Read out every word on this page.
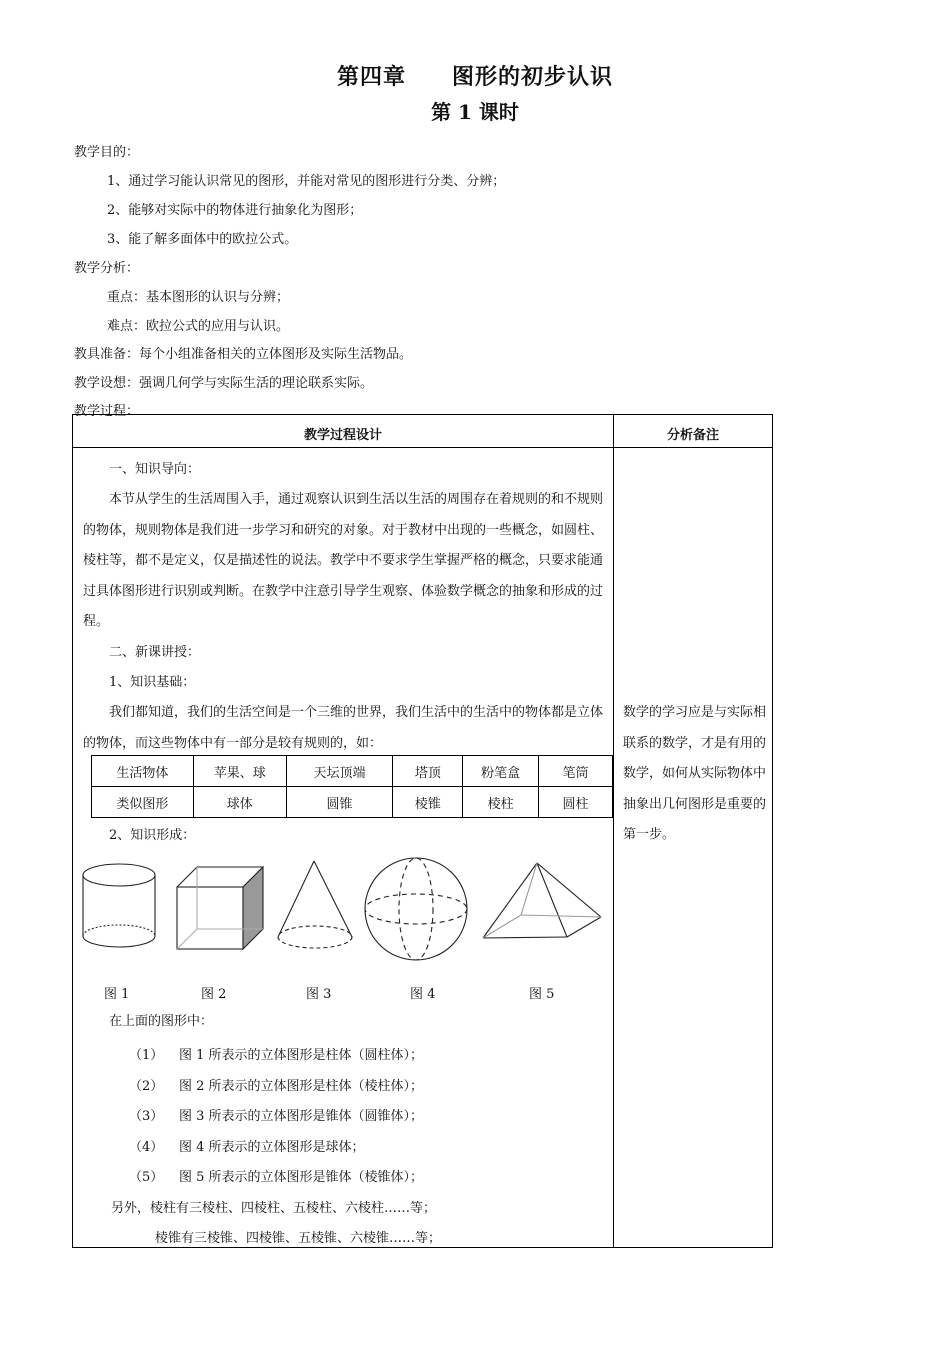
第四章 图形的初步认识
第 1 课时
教学目的：
1、通过学习能认识常见的图形，并能对常见的图形进行分类、分辨；
2、能够对实际中的物体进行抽象化为图形；
3、能了解多面体中的欧拉公式。
教学分析：
重点：基本图形的认识与分辨；
难点：欧拉公式的应用与认识。
教具准备：每个小组准备相关的立体图形及实际生活物品。
教学设想：强调几何学与实际生活的理论联系实际。
教学过程：
教学过程设计	分析备注
一、知识导向：
本节从学生的生活周围入手，通过观察认识到生活以生活的周围存在着规则的和不规则的物体，规则物体是我们进一步学习和研究的对象。对于教材中出现的一些概念，如圆柱、棱柱等，都不是定义，仅是描述性的说法。教学中不要求学生掌握严格的概念，只要求能通过具体图形进行识别或判断。在教学中注意引导学生观察、体验数学概念的抽象和形成的过程。
二、新课讲授：
1、知识基础：
我们都知道，我们的生活空间是一个三维的世界，我们生活中的生活中的物体都是立体的物体，而这些物体中有一部分是较有规则的，如：
生活物体	苹果、球	天坛顶端	塔顶	粉笔盒	笔筒
类似图形	球体	圆锥	棱锥	棱柱	圆柱
2、知识形成：
图 1	图 2	图 3	图 4	图 5
在上面的图形中：
（1） 图 1 所表示的立体图形是柱体（圆柱体）；
（2） 图 2 所表示的立体图形是柱体（棱柱体）；
（3） 图 3 所表示的立体图形是锥体（圆锥体）；
（4） 图 4 所表示的立体图形是球体；
（5） 图 5 所表示的立体图形是锥体（棱锥体）；
另外，棱柱有三棱柱、四棱柱、五棱柱、六棱柱……等；
棱锥有三棱锥、四棱锥、五棱锥、六棱锥……等；
数学的学习应是与实际相联系的数学，才是有用的数学，如何从实际物体中抽象出几何图形是重要的第一步。
